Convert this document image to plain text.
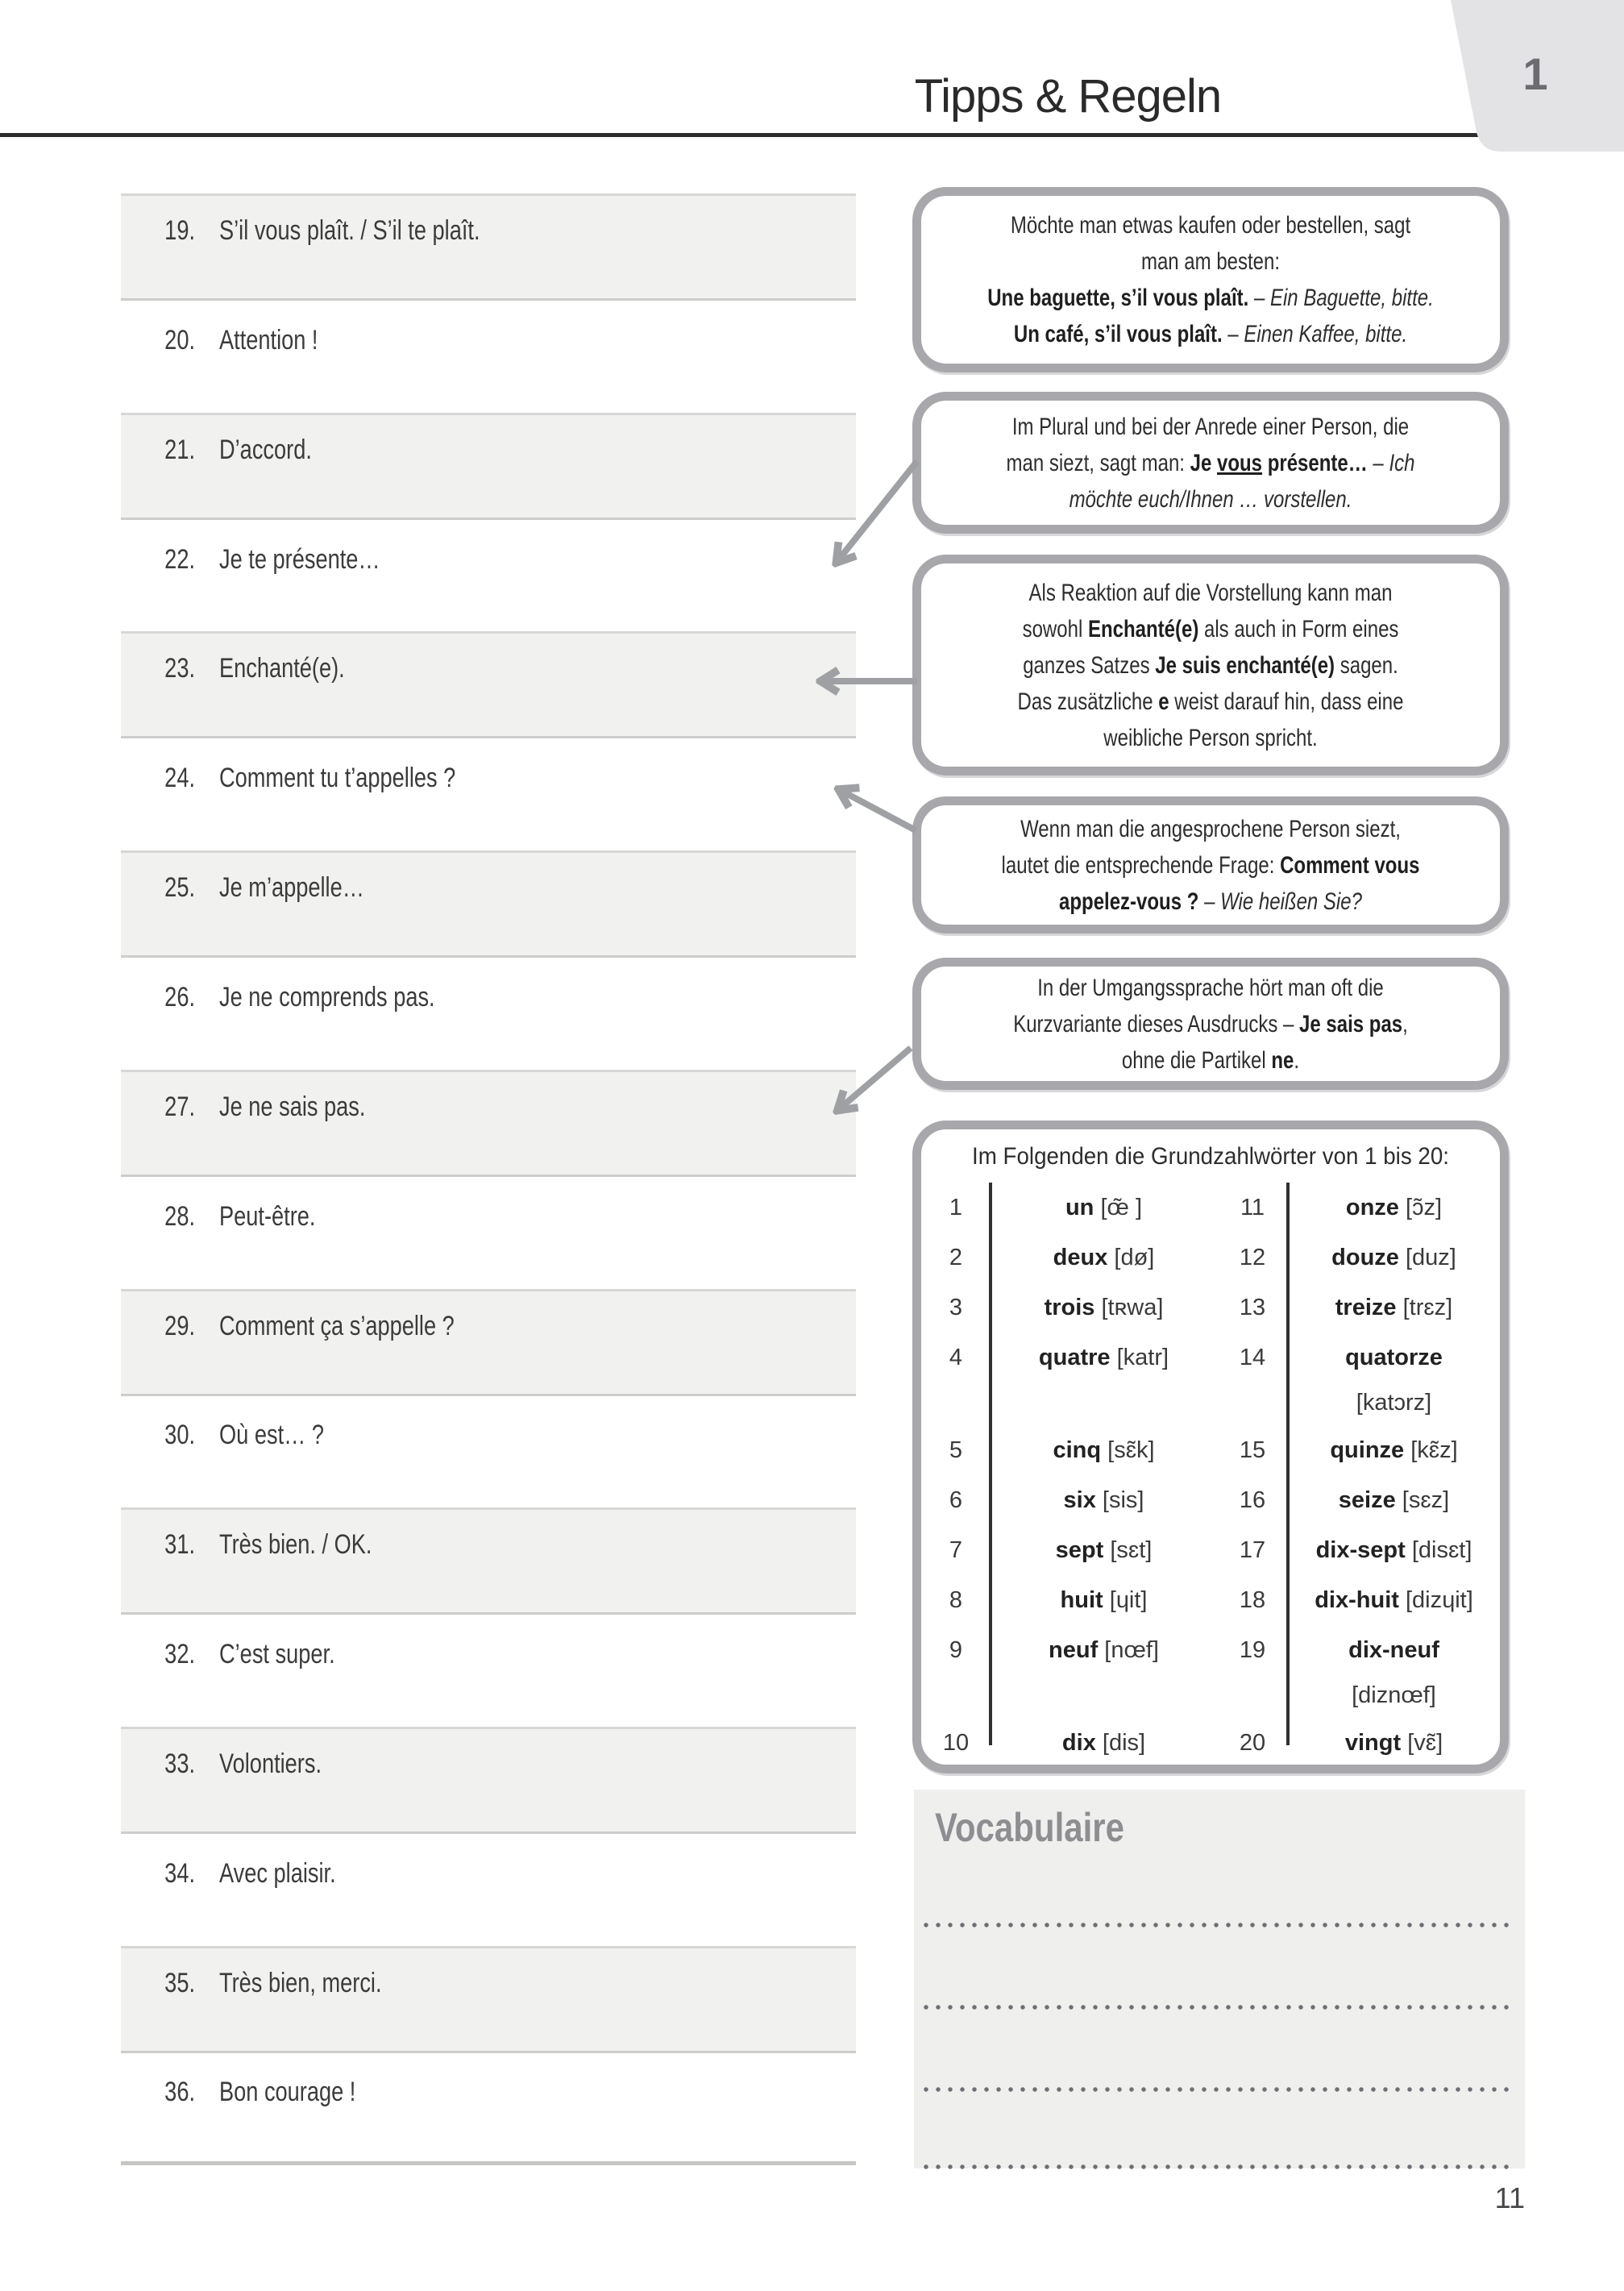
Tipps & Regeln	1
19. S’il vous plaît. / S’il te plaît.
20. Attention !
21. D’accord.
22. Je te présente…
23. Enchanté(e).
24. Comment tu t’appelles ?
25. Je m’appelle…
26. Je ne comprends pas.
27. Je ne sais pas.
28. Peut-être.
29. Comment ça s’appelle ?
30. Où est… ?
31. Très bien. / OK.
32. C’est super.
33. Volontiers.
34. Avec plaisir.
35. Très bien, merci.
36. Bon courage !
Möchte man etwas kaufen oder bestellen, sagt
man am besten:
Une baguette, s’il vous plaît. – Ein Baguette, bitte.
Un café, s’il vous plaît. – Einen Kaffee, bitte.
Im Plural und bei der Anrede einer Person, die
man siezt, sagt man: Je vous présente… – Ich
möchte euch/Ihnen … vorstellen.
Als Reaktion auf die Vorstellung kann man
sowohl Enchanté(e) als auch in Form eines
ganzes Satzes Je suis enchanté(e) sagen.
Das zusätzliche e weist darauf hin, dass eine
weibliche Person spricht.
Wenn man die angesprochene Person siezt,
lautet die entsprechende Frage: Comment vous
appelez-vous ? – Wie heißen Sie?
In der Umgangssprache hört man oft die
Kurzvariante dieses Ausdrucks – Je sais pas,
ohne die Partikel ne.
Im Folgenden die Grundzahlwörter von 1 bis 20:
1	un [œ̃ ]	11	onze [ɔ̃z]
2	deux [dø]	12	douze [duz]
3	trois [tʀwa]	13	treize [trɛz]
4	quatre [katr]	14	quatorze
[katɔrz]
5	cinq [sɛ̃k]	15	quinze [kɛ̃z]
6	six [sis]	16	seize [sɛz]
7	sept [sɛt]	17	dix-sept [disɛt]
8	huit [ɥit]	18	dix-huit [dizɥit]
9	neuf [nœf]	19	dix-neuf
[diznœf]
10	dix [dis]	20	vingt [vɛ̃]
Vocabulaire
11
